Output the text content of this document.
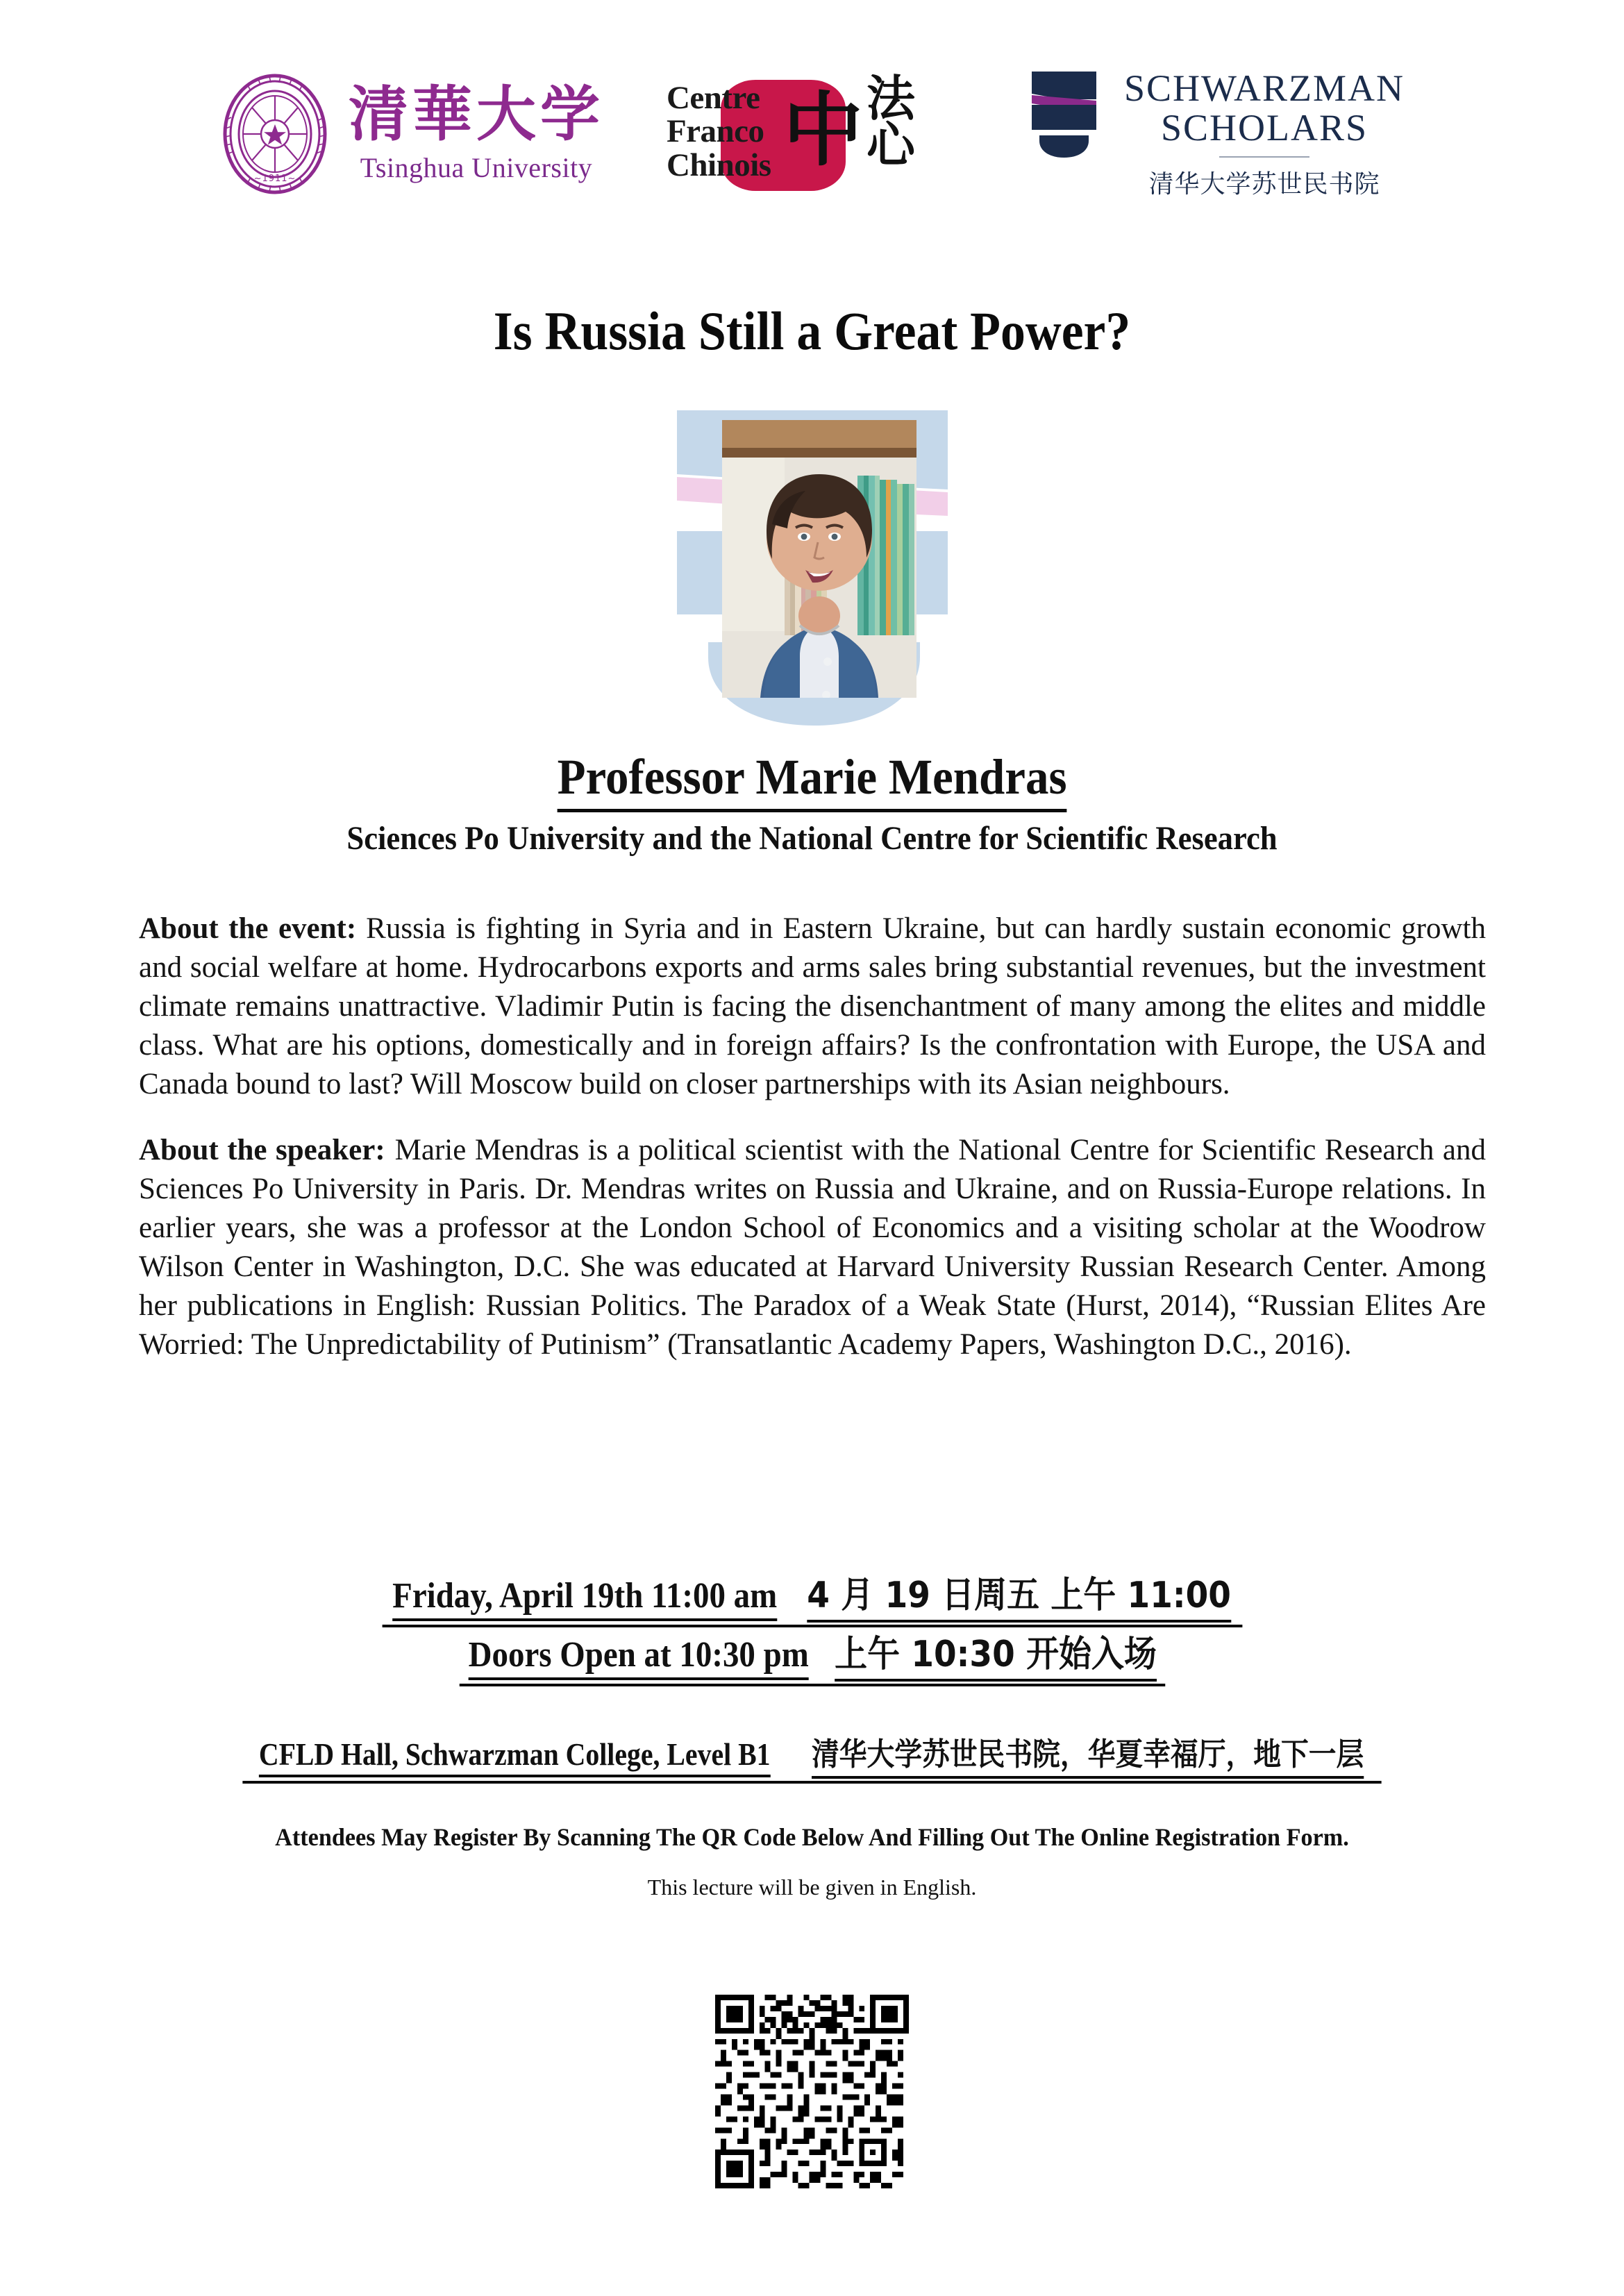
~1911~
清華大学
Tsinghua University
Centre
Franco
Chinois 中 法
心
SCHWARZMAN
SCHOLARS
清华大学苏世民书院
Is Russia Still a Great Power?
Professor Marie Mendras
Sciences Po University and the National Centre for Scientific Research

About the event: Russia is fighting in Syria and in Eastern Ukraine, but can hardly sustain economic growth and social welfare at home. Hydrocarbons exports and arms sales bring substantial revenues, but the investment climate remains unattractive. Vladimir Putin is facing the disenchantment of many among the elites and middle class. What are his options, domestically and in foreign affairs? Is the confrontation with Europe, the USA and Canada bound to last? Will Moscow build on closer partnerships with its Asian neighbours.

About the speaker: Marie Mendras is a political scientist with the National Centre for Scientific Research and Sciences Po University in Paris. Dr. Mendras writes on Russia and Ukraine, and on Russia-Europe relations. In earlier years, she was a professor at the London School of Economics and a visiting scholar at the Woodrow Wilson Center in Washington, D.C. She was educated at Harvard University Russian Research Center. Among her publications in English: Russian Politics. The Paradox of a Weak State (Hurst, 2014), “Russian Elites Are Worried: The Unpredictability of Putinism” (Transatlantic Academy Papers, Washington D.C., 2016).

Friday, April 19th 11:00 am 4 月 19 日周五 上午 11:00
Doors Open at 10:30 pm 上午 10:30 开始入场
CFLD Hall, Schwarzman College, Level B1 清华大学苏世民书院，华夏幸福厅，地下一层
Attendees May Register By Scanning The QR Code Below And Filling Out The Online Registration Form.
This lecture will be given in English.
